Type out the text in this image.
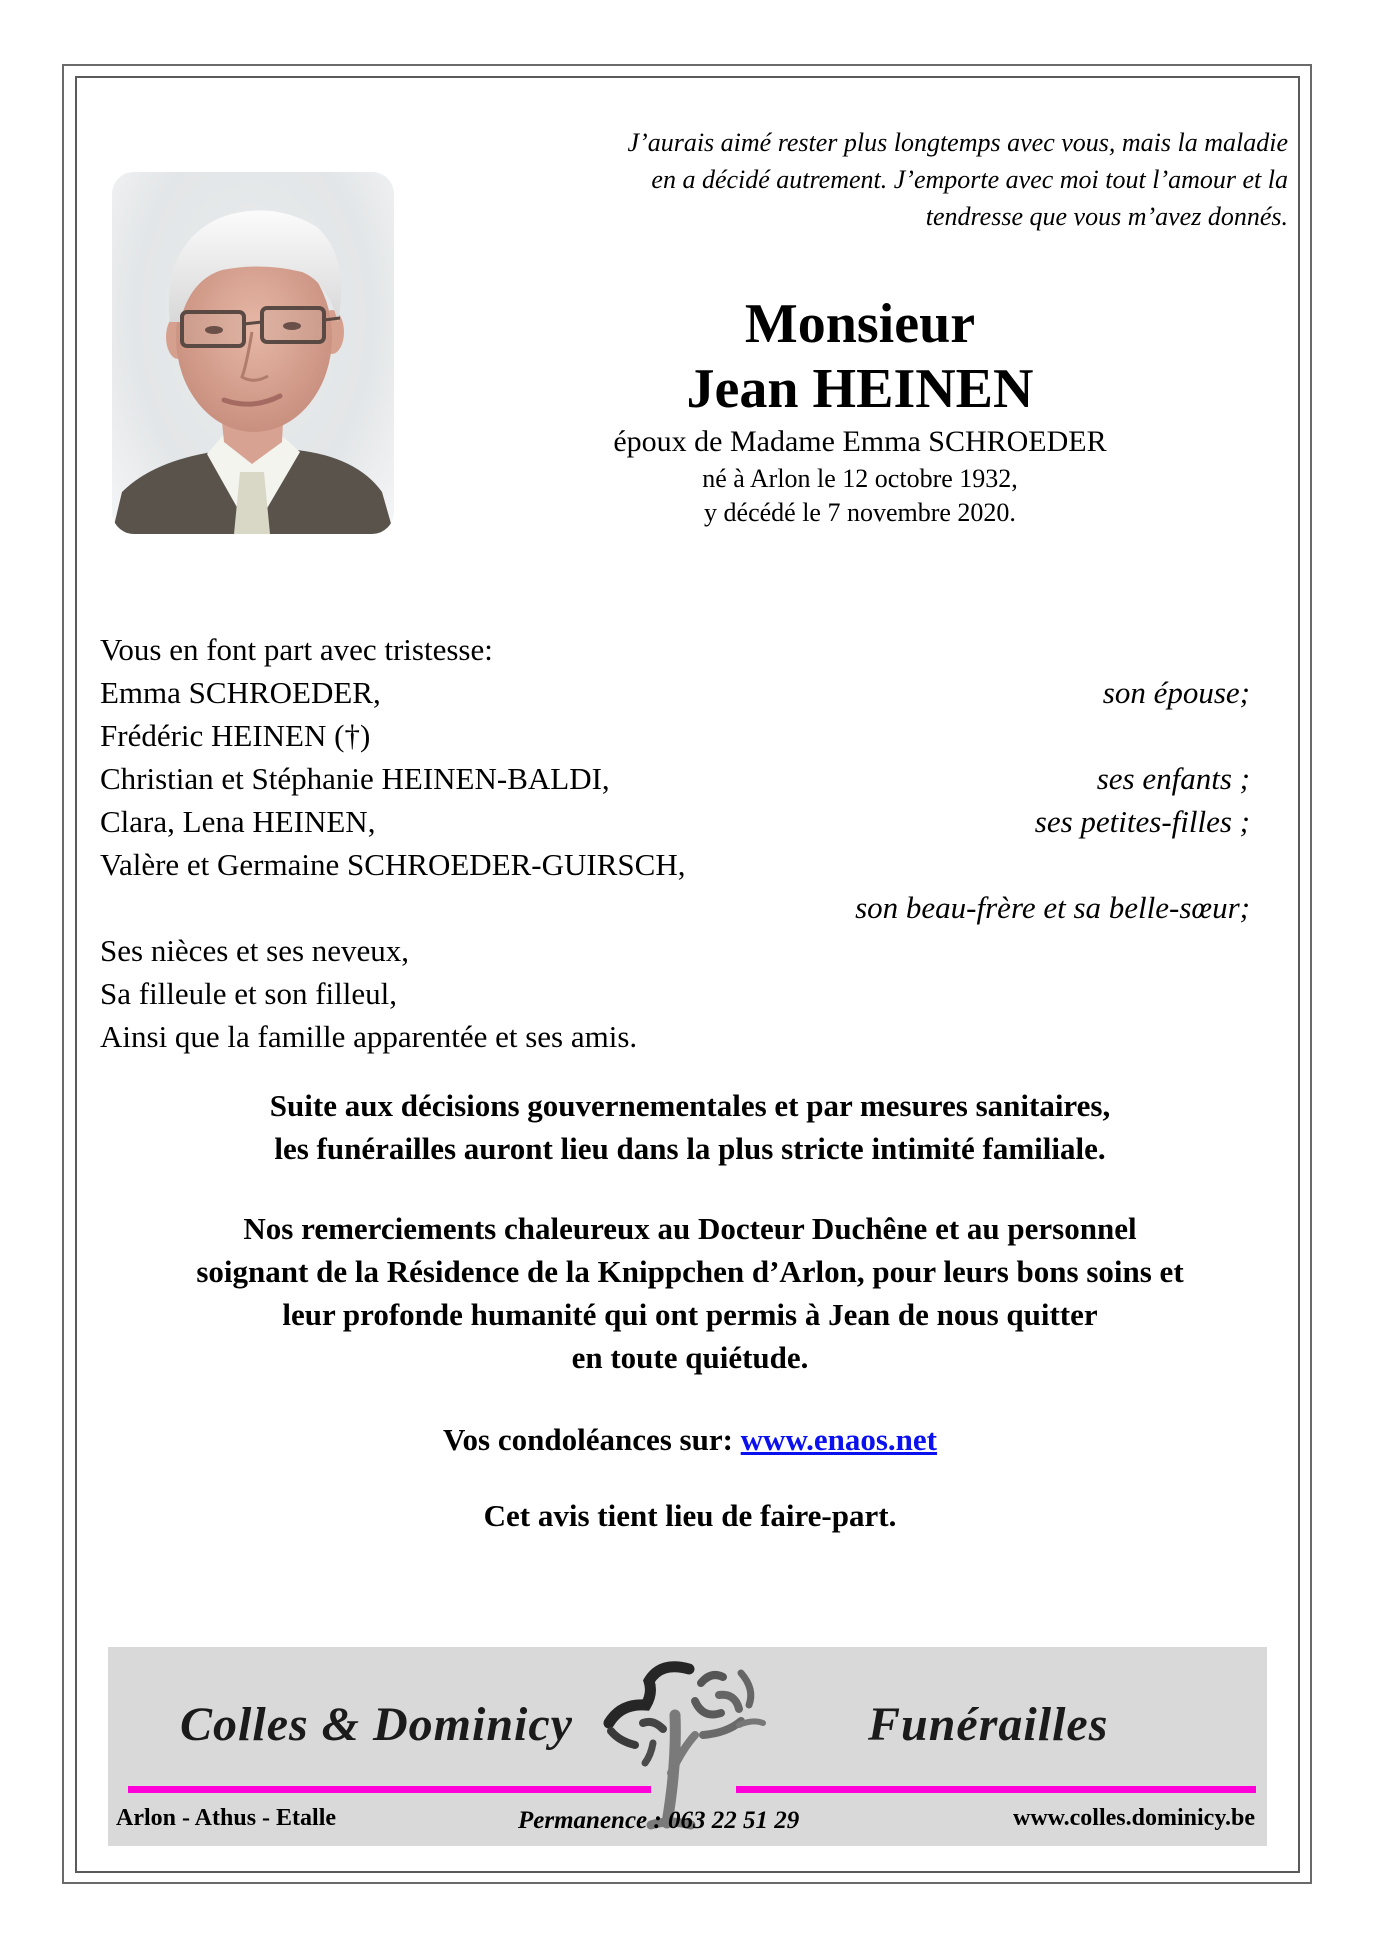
J’aurais aimé rester plus longtemps avec vous, mais la maladie
en a décidé autrement. J’emporte avec moi tout l’amour et la
tendresse que vous m’avez donnés.
Monsieur
Jean HEINEN
époux de Madame Emma SCHROEDER
né à Arlon le 12 octobre 1932,
y décédé le 7 novembre 2020.
Vous en font part avec tristesse:
Emma SCHROEDER,	son épouse;
Frédéric HEINEN (†)
Christian et Stéphanie HEINEN-BALDI,	ses enfants ;
Clara, Lena HEINEN,	ses petites-filles ;
Valère et Germaine SCHROEDER-GUIRSCH,
son beau-frère et sa belle-sœur;
Ses nièces et ses neveux,
Sa filleule et son filleul,
Ainsi que la famille apparentée et ses amis.
Suite aux décisions gouvernementales et par mesures sanitaires,
les funérailles auront lieu dans la plus stricte intimité familiale.
Nos remerciements chaleureux au Docteur Duchêne et au personnel
soignant de la Résidence de la Knippchen d’Arlon, pour leurs bons soins et
leur profonde humanité qui ont permis à Jean de nous quitter
en toute quiétude.
Vos condoléances sur: www.enaos.net
Cet avis tient lieu de faire-part.
Colles & Dominicy	Funérailles
Arlon - Athus - Etalle	Permanence : 063 22 51 29	www.colles.dominicy.be
